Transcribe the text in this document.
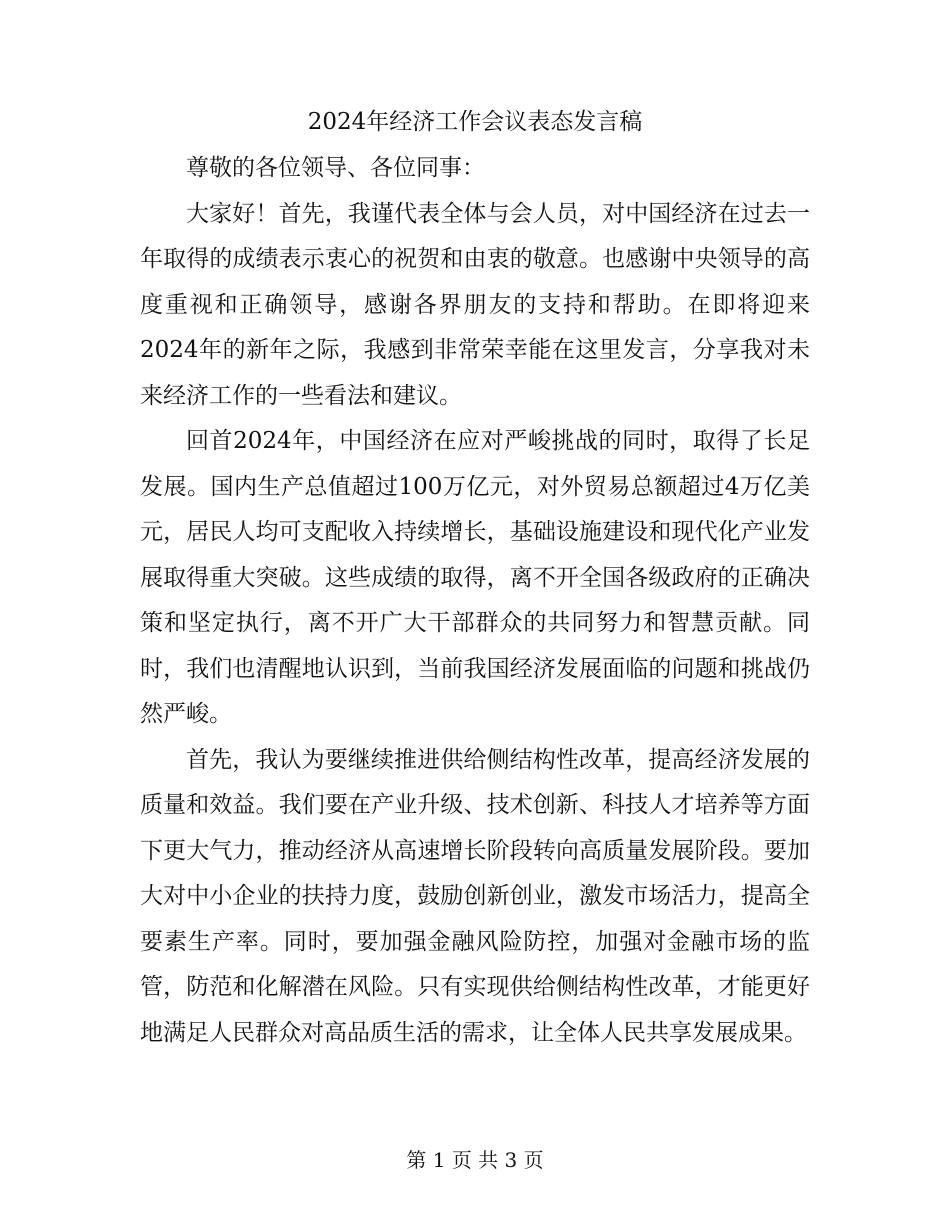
2024年经济工作会议表态发言稿

尊敬的各位领导、各位同事：

大家好！首先，我谨代表全体与会人员，对中国经济在过去一年取得的成绩表示衷心的祝贺和由衷的敬意。也感谢中央领导的高度重视和正确领导，感谢各界朋友的支持和帮助。在即将迎来2024年的新年之际，我感到非常荣幸能在这里发言，分享我对未来经济工作的一些看法和建议。

回首2024年，中国经济在应对严峻挑战的同时，取得了长足发展。国内生产总值超过100万亿元，对外贸易总额超过4万亿美元，居民人均可支配收入持续增长，基础设施建设和现代化产业发展取得重大突破。这些成绩的取得，离不开全国各级政府的正确决策和坚定执行，离不开广大干部群众的共同努力和智慧贡献。同时，我们也清醒地认识到，当前我国经济发展面临的问题和挑战仍然严峻。

首先，我认为要继续推进供给侧结构性改革，提高经济发展的质量和效益。我们要在产业升级、技术创新、科技人才培养等方面下更大气力，推动经济从高速增长阶段转向高质量发展阶段。要加大对中小企业的扶持力度，鼓励创新创业，激发市场活力，提高全要素生产率。同时，要加强金融风险防控，加强对金融市场的监管，防范和化解潜在风险。只有实现供给侧结构性改革，才能更好地满足人民群众对高品质生活的需求，让全体人民共享发展成果。

第 1 页 共 3 页
